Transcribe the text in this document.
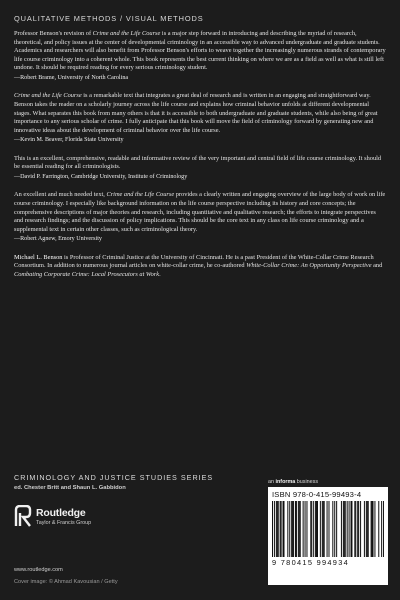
QUALITATIVE METHODS / VISUAL METHODS
Professor Benson's revision of Crime and the Life Course is a major step forward in introducing and describing the myriad of research, theoretical, and policy issues at the center of developmental criminology in an accessible way to advanced undergraduate and graduate students. Academics and researchers will also benefit from Professor Benson's efforts to weave together the increasingly numerous strands of contemporary life course criminology into a coherent whole. This book represents the best current thinking on where we are as a field as well as what is still left undone. It should be required reading for every serious criminology student.
—Robert Brame, University of North Carolina
Crime and the Life Course is a remarkable text that integrates a great deal of research and is written in an engaging and straightforward way. Benson takes the reader on a scholarly journey across the life course and explains how criminal behavior unfolds at different developmental stages. What separates this book from many others is that it is accessible to both undergraduate and graduate students, while also being of great importance to any serious scholar of crime. I fully anticipate that this book will move the field of criminology forward by generating new and innovative ideas about the development of criminal behavior over the life course.
—Kevin M. Beaver, Florida State University
This is an excellent, comprehensive, readable and informative review of the very important and central field of life course criminology. It should be essential reading for all criminologists.
—David P. Farrington, Cambridge University, Institute of Criminology
An excellent and much needed text, Crime and the Life Course provides a clearly written and engaging overview of the large body of work on life course criminology. I especially like background information on the life course perspective including its history and core concepts; the comprehensive descriptions of major theories and research, including quantitative and qualitative research; the efforts to integrate perspectives and research findings; and the discussion of policy implications. This should be the core text in any class on life course criminology and a supplemental text in certain other classes, such as criminological theory.
—Robert Agnew, Emory University
Michael L. Benson is Professor of Criminal Justice at the University of Cincinnati. He is a past President of the White-Collar Crime Research Consortium. In addition to numerous journal articles on white-collar crime, he co-authored White-Collar Crime: An Opportunity Perspective and Combating Corporate Crime: Local Prosecutors at Work.
CRIMINOLOGY AND JUSTICE STUDIES SERIES
ed. Chester Britt and Shaun L. Gabbidon
Routledge
Taylor & Francis Group
www.routledge.com
Cover image: © Ahmad Kavousian / Getty
an informa business
ISBN 978-0-415-99493-4
9 780415 994934
